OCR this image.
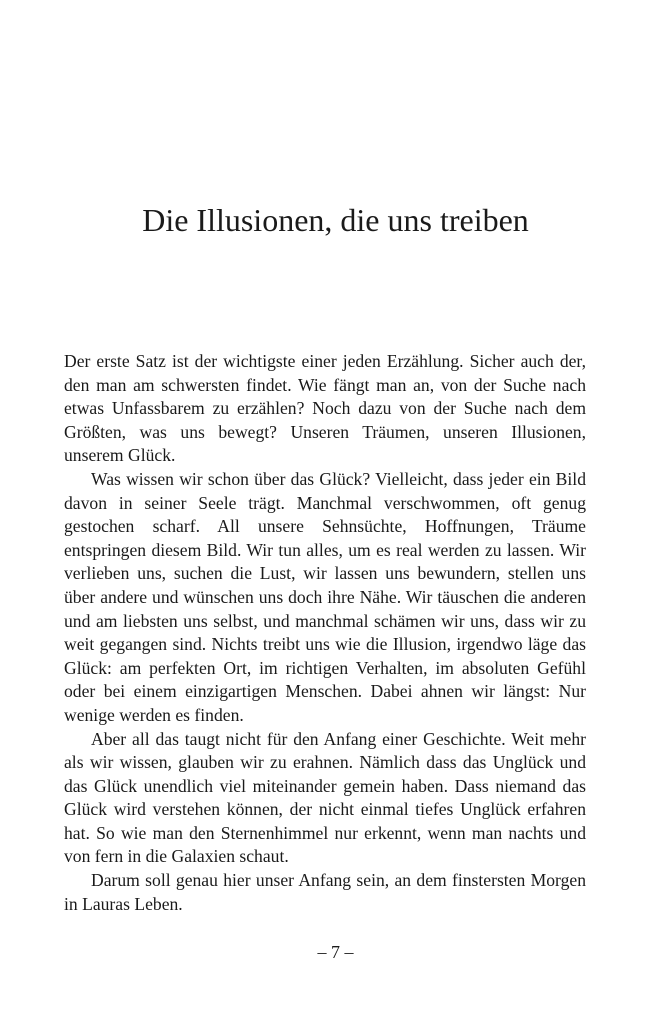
Die Illusionen, die uns treiben

Der erste Satz ist der wichtigste einer jeden Erzählung. Sicher auch der, den man am schwersten findet. Wie fängt man an, von der Suche nach etwas Unfassbarem zu erzählen? Noch dazu von der Suche nach dem Größten, was uns bewegt? Unseren Träumen, unseren Illusionen, unserem Glück.

Was wissen wir schon über das Glück? Vielleicht, dass jeder ein Bild davon in seiner Seele trägt. Manchmal verschwommen, oft genug gestochen scharf. All unsere Sehnsüchte, Hoffnungen, Träume entspringen diesem Bild. Wir tun alles, um es real werden zu lassen. Wir verlieben uns, suchen die Lust, wir lassen uns bewundern, stellen uns über andere und wünschen uns doch ihre Nähe. Wir täuschen die anderen und am liebsten uns selbst, und manchmal schämen wir uns, dass wir zu weit gegangen sind. Nichts treibt uns wie die Illusion, irgendwo läge das Glück: am perfekten Ort, im richtigen Verhalten, im absoluten Gefühl oder bei einem einzigartigen Menschen. Dabei ahnen wir längst: Nur wenige werden es finden.

Aber all das taugt nicht für den Anfang einer Geschichte. Weit mehr als wir wissen, glauben wir zu erahnen. Nämlich dass das Unglück und das Glück unendlich viel miteinander gemein haben. Dass niemand das Glück wird verstehen können, der nicht einmal tiefes Unglück erfahren hat. So wie man den Sternenhimmel nur erkennt, wenn man nachts und von fern in die Galaxien schaut.

Darum soll genau hier unser Anfang sein, an dem finstersten Morgen in Lauras Leben.

– 7 –
